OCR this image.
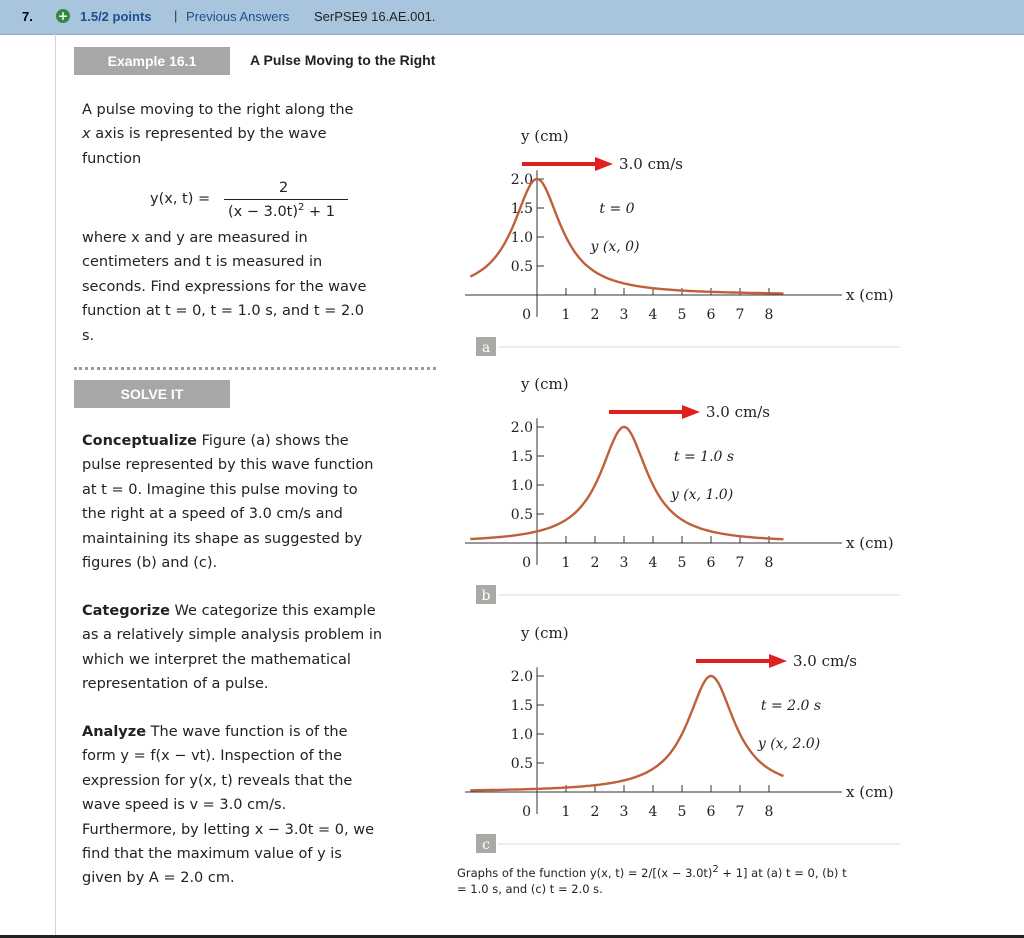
7. + 1.5/2 points | Previous Answers SerPSE9 16.AE.001.
Example 16.1	A Pulse Moving to the Right
A pulse moving to the right along the
x axis is represented by the wave
function
y(x, t) =
2
$(x - 3.0t)^2 + 1$
where x and y are measured in
centimeters and t is measured in
seconds. Find expressions for the wave
function at t = 0, t = 1.0 s, and t = 2.0
s.
SOLVE IT
Conceptualize Figure (a) shows the
pulse represented by this wave function
at t = 0. Imagine this pulse moving to
the right at a speed of 3.0 cm/s and
maintaining its shape as suggested by
figures (b) and (c).
Categorize We categorize this example
as a relatively simple analysis problem in
which we interpret the mathematical
representation of a pulse.
Analyze The wave function is of the
form y = f(x − vt). Inspection of the
expression for y(x, t) reveals that the
wave speed is v = 3.0 cm/s.
Furthermore, by letting x − 3.0t = 0, we
find that the maximum value of y is
given by A = 2.0 cm.
0.5
1.0
1.5
2.0
0 1 2 3 4 5 6 7 8
y (cm)
x (cm)
3.0 cm/s
t = 0
y (x, 0)
a
0.5
1.0
1.5
2.0
0 1 2 3 4 5 6 7 8
y (cm)
x (cm)
3.0 cm/s
t = 1.0 s
y (x, 1.0)
b
0.5
1.0
1.5
2.0
0 1 2 3 4 5 6 7 8
y (cm)
x (cm)
3.0 cm/s
t = 2.0 s
y (x, 2.0)
c
Graphs of the function y(x, $t) = 2/[(x - 3.0t)^2 + 1]$ at (a) t = 0, (b) t
= 1.0 s, and (c) t = 2.0 s.
